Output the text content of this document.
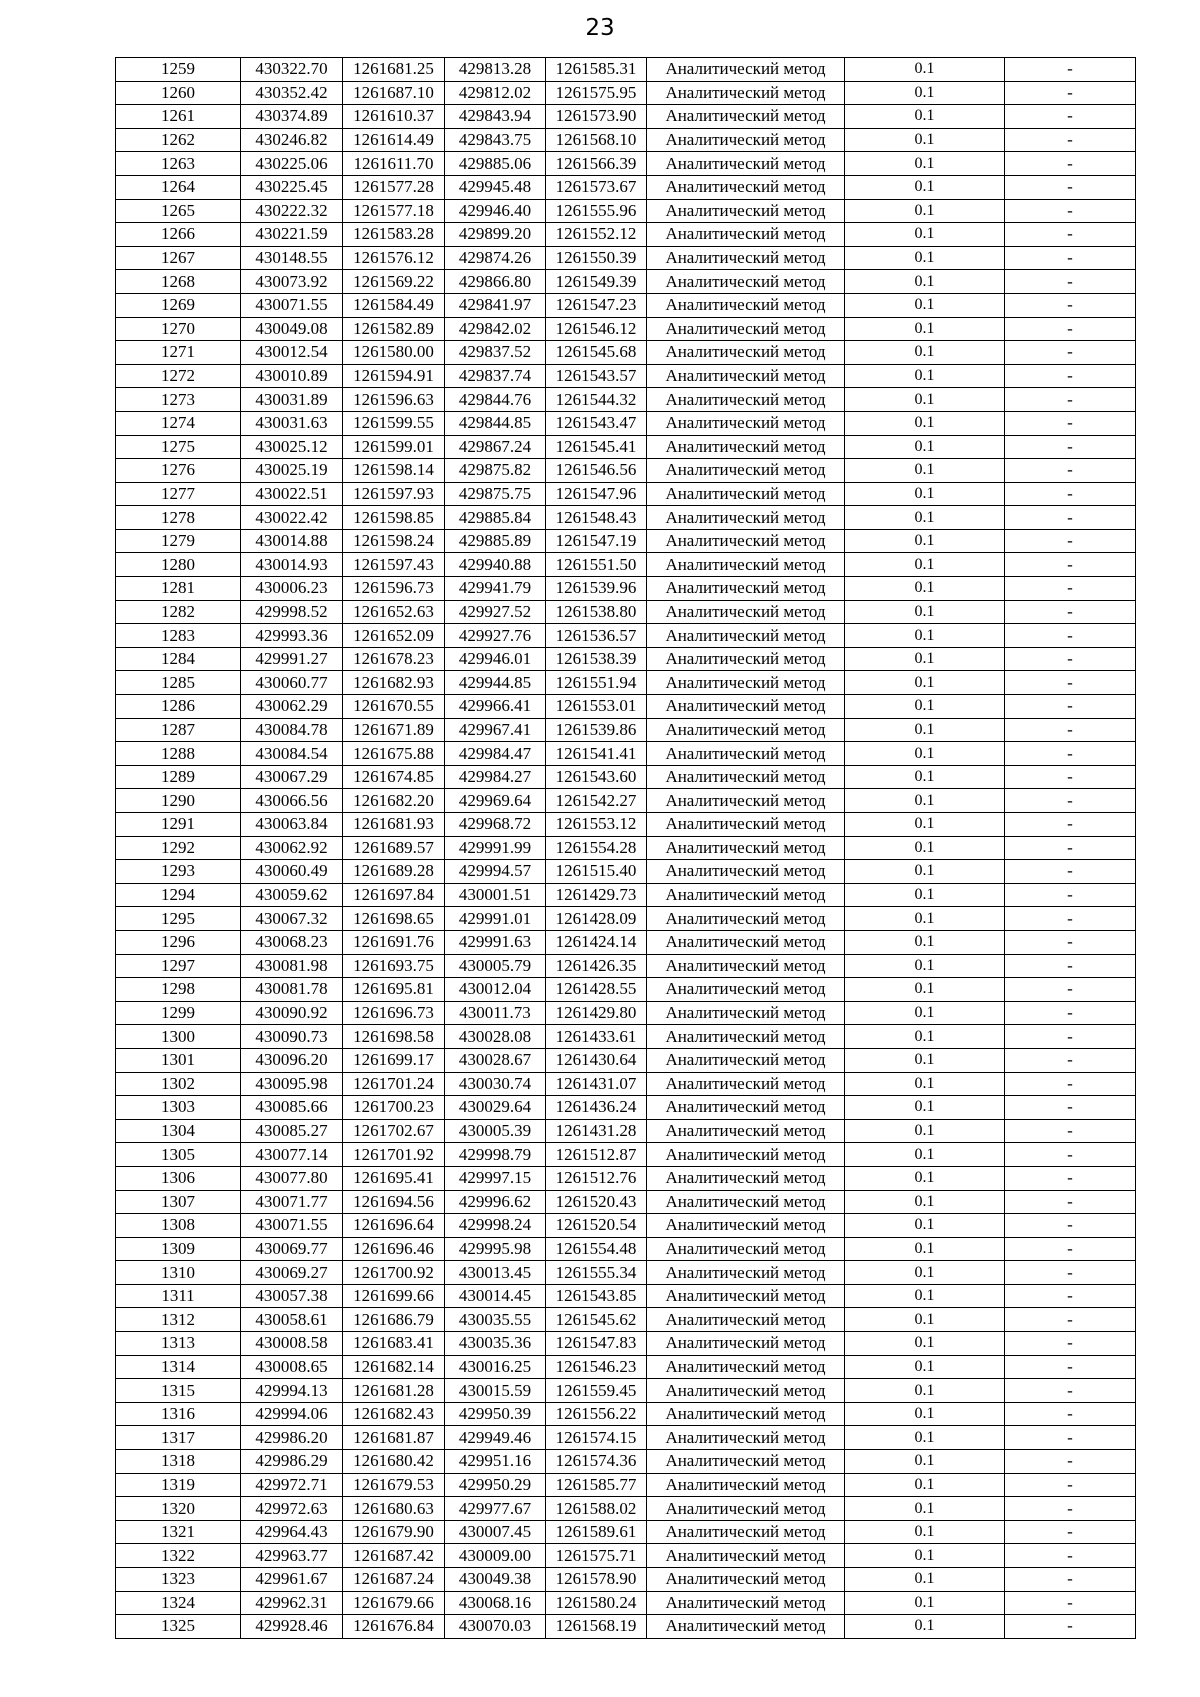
23
1259	430322.70	1261681.25	429813.28	1261585.31	Аналитический метод	0.1	-
1260	430352.42	1261687.10	429812.02	1261575.95	Аналитический метод	0.1	-
1261	430374.89	1261610.37	429843.94	1261573.90	Аналитический метод	0.1	-
1262	430246.82	1261614.49	429843.75	1261568.10	Аналитический метод	0.1	-
1263	430225.06	1261611.70	429885.06	1261566.39	Аналитический метод	0.1	-
1264	430225.45	1261577.28	429945.48	1261573.67	Аналитический метод	0.1	-
1265	430222.32	1261577.18	429946.40	1261555.96	Аналитический метод	0.1	-
1266	430221.59	1261583.28	429899.20	1261552.12	Аналитический метод	0.1	-
1267	430148.55	1261576.12	429874.26	1261550.39	Аналитический метод	0.1	-
1268	430073.92	1261569.22	429866.80	1261549.39	Аналитический метод	0.1	-
1269	430071.55	1261584.49	429841.97	1261547.23	Аналитический метод	0.1	-
1270	430049.08	1261582.89	429842.02	1261546.12	Аналитический метод	0.1	-
1271	430012.54	1261580.00	429837.52	1261545.68	Аналитический метод	0.1	-
1272	430010.89	1261594.91	429837.74	1261543.57	Аналитический метод	0.1	-
1273	430031.89	1261596.63	429844.76	1261544.32	Аналитический метод	0.1	-
1274	430031.63	1261599.55	429844.85	1261543.47	Аналитический метод	0.1	-
1275	430025.12	1261599.01	429867.24	1261545.41	Аналитический метод	0.1	-
1276	430025.19	1261598.14	429875.82	1261546.56	Аналитический метод	0.1	-
1277	430022.51	1261597.93	429875.75	1261547.96	Аналитический метод	0.1	-
1278	430022.42	1261598.85	429885.84	1261548.43	Аналитический метод	0.1	-
1279	430014.88	1261598.24	429885.89	1261547.19	Аналитический метод	0.1	-
1280	430014.93	1261597.43	429940.88	1261551.50	Аналитический метод	0.1	-
1281	430006.23	1261596.73	429941.79	1261539.96	Аналитический метод	0.1	-
1282	429998.52	1261652.63	429927.52	1261538.80	Аналитический метод	0.1	-
1283	429993.36	1261652.09	429927.76	1261536.57	Аналитический метод	0.1	-
1284	429991.27	1261678.23	429946.01	1261538.39	Аналитический метод	0.1	-
1285	430060.77	1261682.93	429944.85	1261551.94	Аналитический метод	0.1	-
1286	430062.29	1261670.55	429966.41	1261553.01	Аналитический метод	0.1	-
1287	430084.78	1261671.89	429967.41	1261539.86	Аналитический метод	0.1	-
1288	430084.54	1261675.88	429984.47	1261541.41	Аналитический метод	0.1	-
1289	430067.29	1261674.85	429984.27	1261543.60	Аналитический метод	0.1	-
1290	430066.56	1261682.20	429969.64	1261542.27	Аналитический метод	0.1	-
1291	430063.84	1261681.93	429968.72	1261553.12	Аналитический метод	0.1	-
1292	430062.92	1261689.57	429991.99	1261554.28	Аналитический метод	0.1	-
1293	430060.49	1261689.28	429994.57	1261515.40	Аналитический метод	0.1	-
1294	430059.62	1261697.84	430001.51	1261429.73	Аналитический метод	0.1	-
1295	430067.32	1261698.65	429991.01	1261428.09	Аналитический метод	0.1	-
1296	430068.23	1261691.76	429991.63	1261424.14	Аналитический метод	0.1	-
1297	430081.98	1261693.75	430005.79	1261426.35	Аналитический метод	0.1	-
1298	430081.78	1261695.81	430012.04	1261428.55	Аналитический метод	0.1	-
1299	430090.92	1261696.73	430011.73	1261429.80	Аналитический метод	0.1	-
1300	430090.73	1261698.58	430028.08	1261433.61	Аналитический метод	0.1	-
1301	430096.20	1261699.17	430028.67	1261430.64	Аналитический метод	0.1	-
1302	430095.98	1261701.24	430030.74	1261431.07	Аналитический метод	0.1	-
1303	430085.66	1261700.23	430029.64	1261436.24	Аналитический метод	0.1	-
1304	430085.27	1261702.67	430005.39	1261431.28	Аналитический метод	0.1	-
1305	430077.14	1261701.92	429998.79	1261512.87	Аналитический метод	0.1	-
1306	430077.80	1261695.41	429997.15	1261512.76	Аналитический метод	0.1	-
1307	430071.77	1261694.56	429996.62	1261520.43	Аналитический метод	0.1	-
1308	430071.55	1261696.64	429998.24	1261520.54	Аналитический метод	0.1	-
1309	430069.77	1261696.46	429995.98	1261554.48	Аналитический метод	0.1	-
1310	430069.27	1261700.92	430013.45	1261555.34	Аналитический метод	0.1	-
1311	430057.38	1261699.66	430014.45	1261543.85	Аналитический метод	0.1	-
1312	430058.61	1261686.79	430035.55	1261545.62	Аналитический метод	0.1	-
1313	430008.58	1261683.41	430035.36	1261547.83	Аналитический метод	0.1	-
1314	430008.65	1261682.14	430016.25	1261546.23	Аналитический метод	0.1	-
1315	429994.13	1261681.28	430015.59	1261559.45	Аналитический метод	0.1	-
1316	429994.06	1261682.43	429950.39	1261556.22	Аналитический метод	0.1	-
1317	429986.20	1261681.87	429949.46	1261574.15	Аналитический метод	0.1	-
1318	429986.29	1261680.42	429951.16	1261574.36	Аналитический метод	0.1	-
1319	429972.71	1261679.53	429950.29	1261585.77	Аналитический метод	0.1	-
1320	429972.63	1261680.63	429977.67	1261588.02	Аналитический метод	0.1	-
1321	429964.43	1261679.90	430007.45	1261589.61	Аналитический метод	0.1	-
1322	429963.77	1261687.42	430009.00	1261575.71	Аналитический метод	0.1	-
1323	429961.67	1261687.24	430049.38	1261578.90	Аналитический метод	0.1	-
1324	429962.31	1261679.66	430068.16	1261580.24	Аналитический метод	0.1	-
1325	429928.46	1261676.84	430070.03	1261568.19	Аналитический метод	0.1	-
